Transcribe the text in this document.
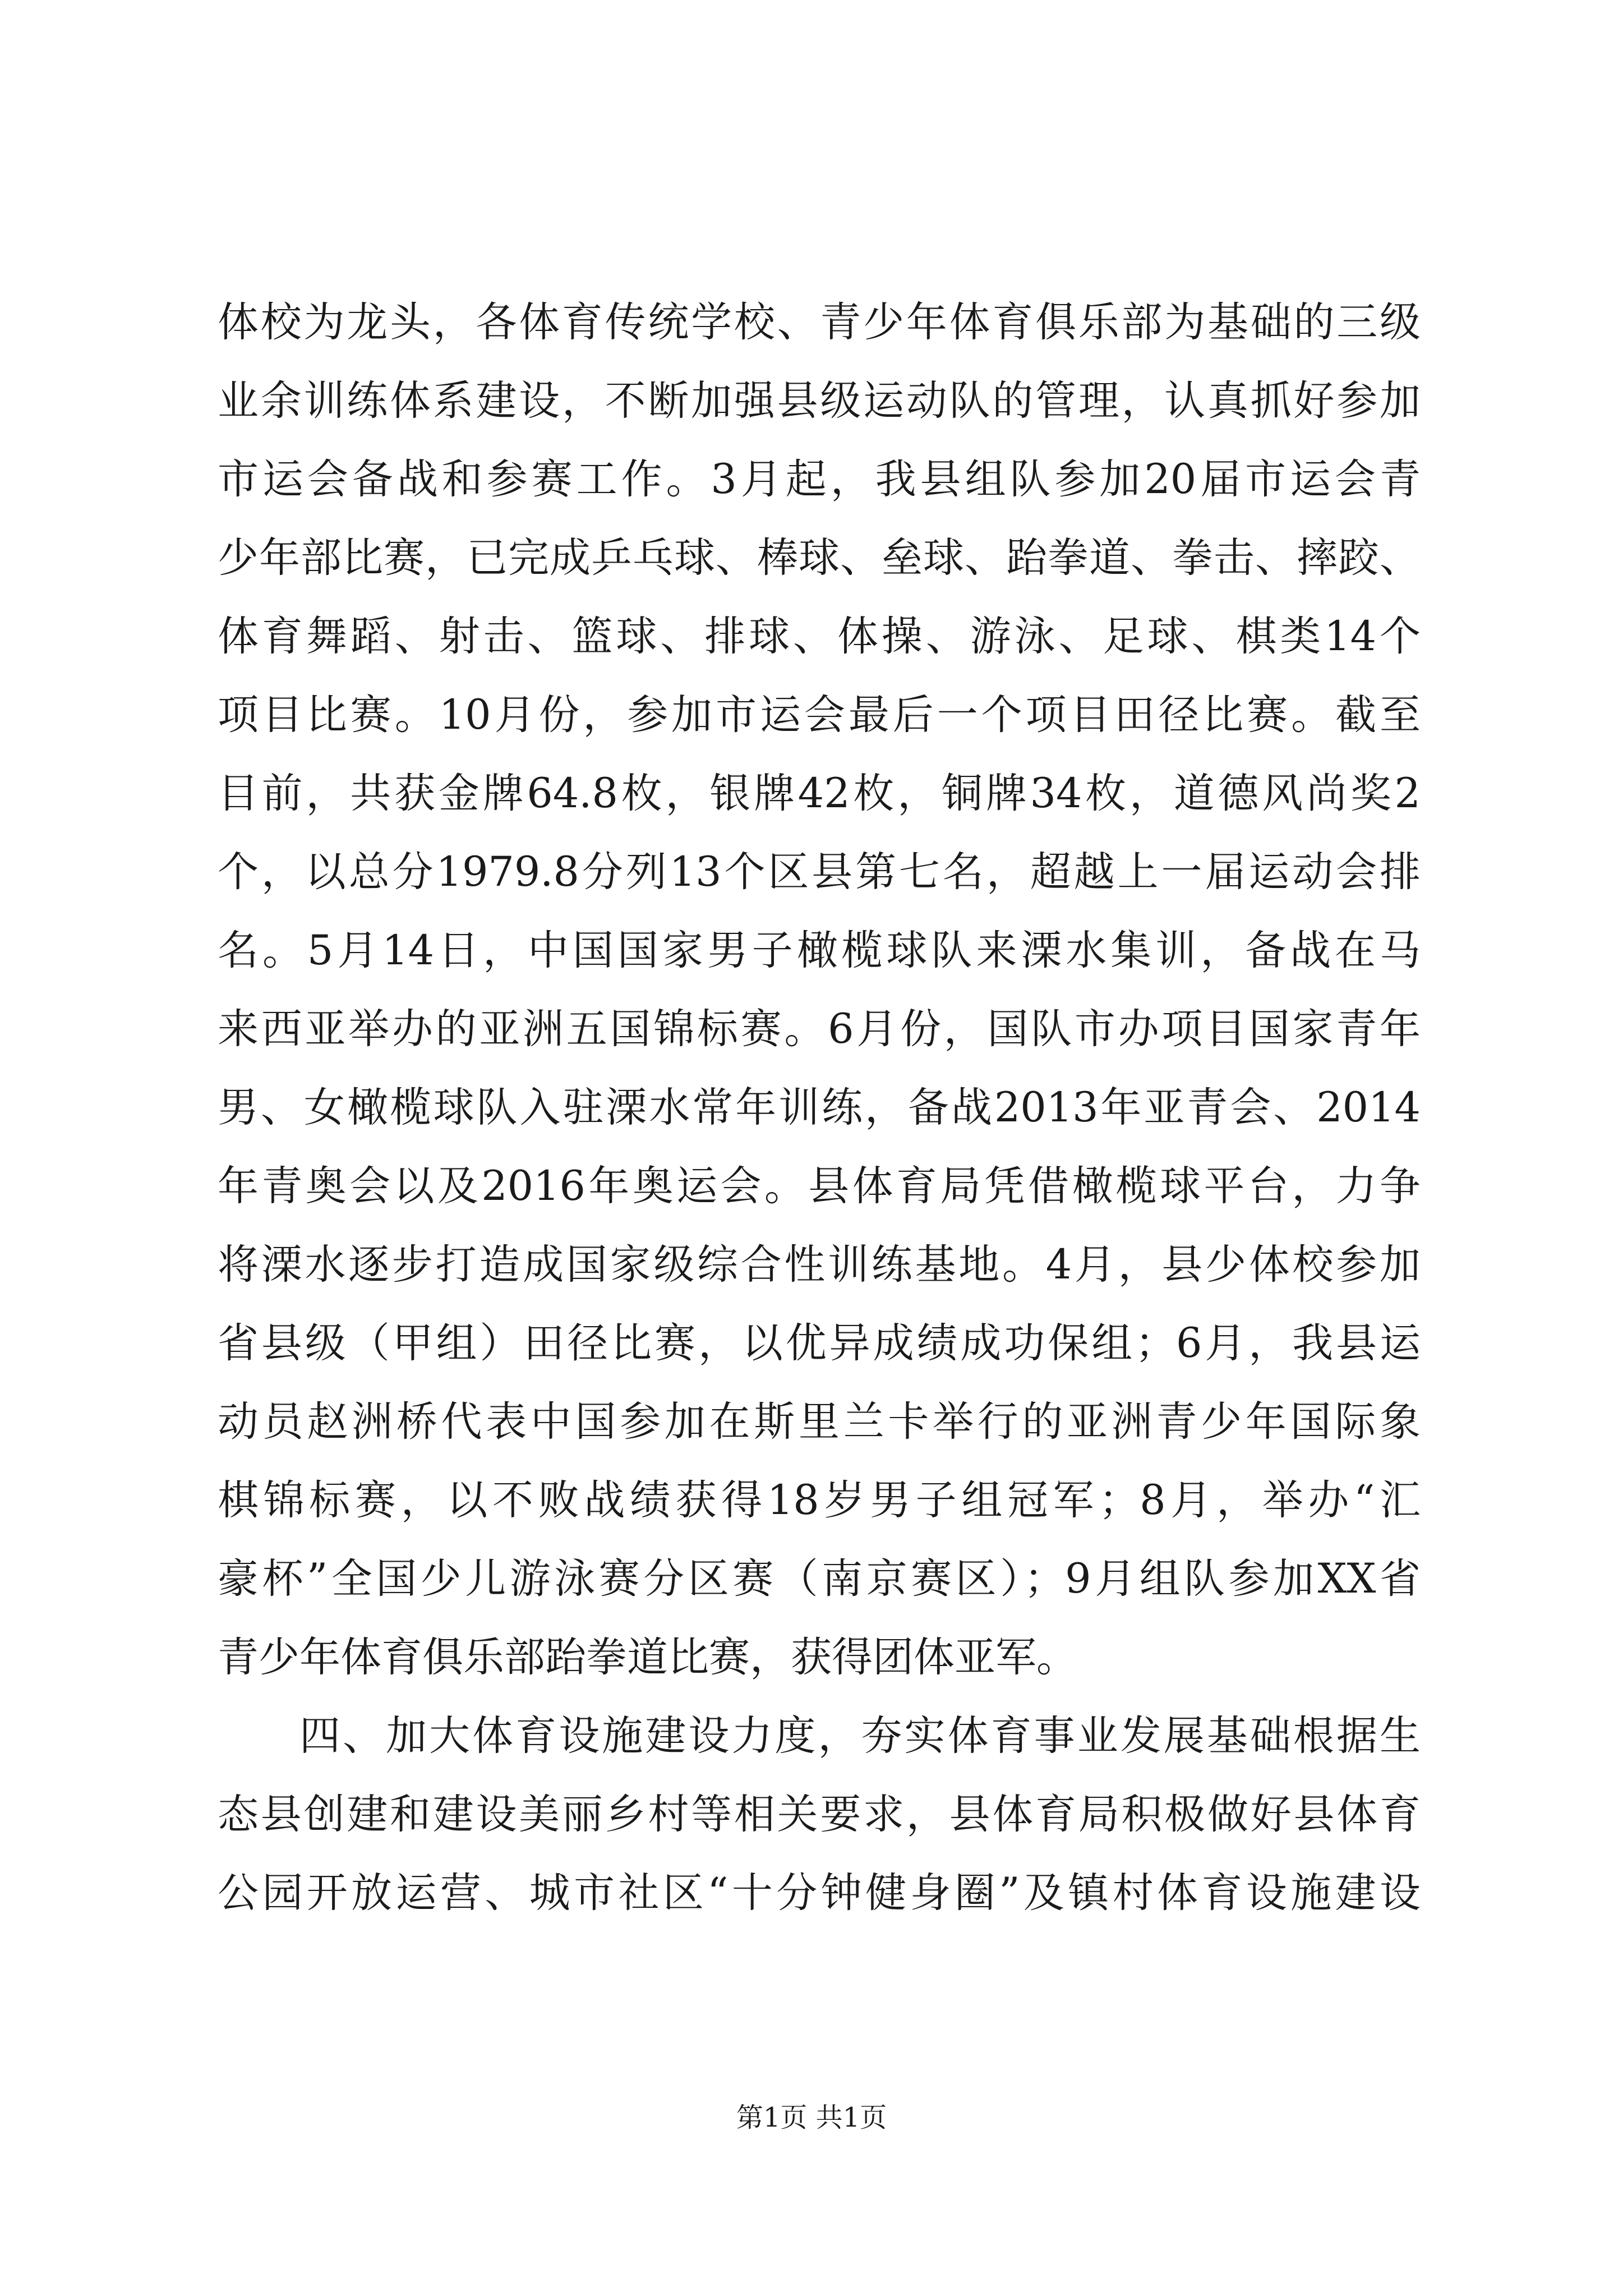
体校为龙头，各体育传统学校、青少年体育俱乐部为基础的三级
业余训练体系建设，不断加强县级运动队的管理，认真抓好参加
市运会备战和参赛工作。3月起，我县组队参加20届市运会青
少年部比赛，已完成乒乓球、棒球、垒球、跆拳道、拳击、摔跤、
体育舞蹈、射击、篮球、排球、体操、游泳、足球、棋类14个
项目比赛。10月份，参加市运会最后一个项目田径比赛。截至
目前，共获金牌64.8枚，银牌42枚，铜牌34枚，道德风尚奖2
个，以总分1979.8分列13个区县第七名，超越上一届运动会排
名。5月14日，中国国家男子橄榄球队来溧水集训，备战在马
来西亚举办的亚洲五国锦标赛。6月份，国队市办项目国家青年
男、女橄榄球队入驻溧水常年训练，备战2013年亚青会、2014
年青奥会以及2016年奥运会。县体育局凭借橄榄球平台，力争
将溧水逐步打造成国家级综合性训练基地。4月，县少体校参加
省县级（甲组）田径比赛，以优异成绩成功保组；6月，我县运
动员赵洲桥代表中国参加在斯里兰卡举行的亚洲青少年国际象
棋锦标赛，以不败战绩获得18岁男子组冠军；8月，举办“汇
豪杯”全国少儿游泳赛分区赛（南京赛区）；9月组队参加XX省
青少年体育俱乐部跆拳道比赛，获得团体亚军。
四、加大体育设施建设力度，夯实体育事业发展基础根据生
态县创建和建设美丽乡村等相关要求，县体育局积极做好县体育
公园开放运营、城市社区“十分钟健身圈”及镇村体育设施建设
第1页 共1页
